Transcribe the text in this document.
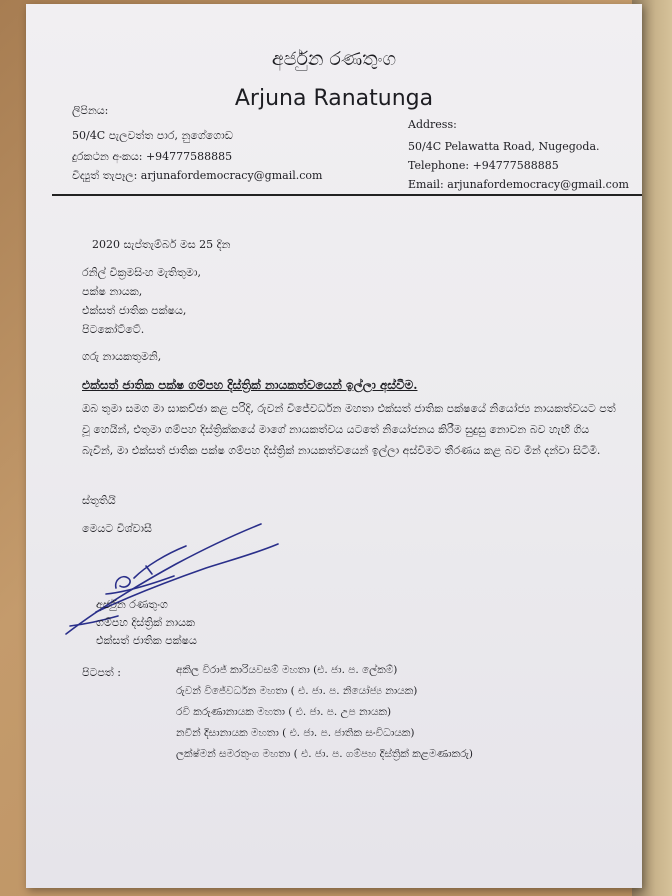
අර්ජුන රණතුංග
Arjuna Ranatunga
ලිපිනය:
50/4C පැලවත්ත පාර, නුගේගොඩ
දුරකථන අංකය: +94777588885
විද්‍යුත් තැපෑල: arjunafordemocracy@gmail.com
Address:
50/4C Pelawatta Road, Nugegoda.
Telephone: +94777588885
Email: arjunafordemocracy@gmail.com
2020 සැප්තැම්බර් මස 25 දින
රනිල් වික්‍රමසිංහ මැතිතුමා,
පක්ෂ නායක,
එක්සත් ජාතික පක්ෂය,
පිටකෝට්ටේ.
ගරු නායකතුමනි,
එක්සත් ජාතික පක්ෂ ගම්පහ දිස්ත්‍රික් නායකත්වයෙන් ඉල්ලා අස්වීම.
ඔබ තුමා සමග මා සාකච්ඡා කළ පරිදි, රුවන් විජේවර්ධන මහතා එක්සත් ජාතික පක්ෂයේ නියෝජ්‍ය නායකත්වයට පත් වූ හෙයින්, එතුමා ගම්පහ දිස්ත්‍රික්කයේ මාගේ නායකත්වය යටතේ නියෝජනය කිරීම සුදුසු නොවන බව හැඟී ගිය බැවින්, මා එක්සත් ජාතික පක්ෂ ගම්පහ දිස්ත්‍රික් නායකත්වයෙන් ඉල්ලා අස්වීමට තීරණය කළ බව මින් දන්වා සිටිමි.
ස්තූතියි
මෙයට විශ්වාසී
අර්ජුන රණතුංග
ගම්පහ දිස්ත්‍රික් නායක
එක්සත් ජාතික පක්ෂය
පිටපත් :	අකිල විරාජ් කාරියවසම් මහතා (එ. ජා. ප. ලේකම්)
රුවන් විජේවර්ධන මහතා ( එ. ජා. ප. නියෝජ්‍ය නායක)
රවි කරුණානායක මහතා ( එ. ජා. ප. උප නායක)
නවීන් දිසානායක මහතා ( එ. ජා. ප. ජාතික සංවිධායක)
ලක්ෂ්මන් සමරතුංග මහතා ( එ. ජා. ප. ගම්පහ දිස්ත්‍රික් කළමණාකරු)
